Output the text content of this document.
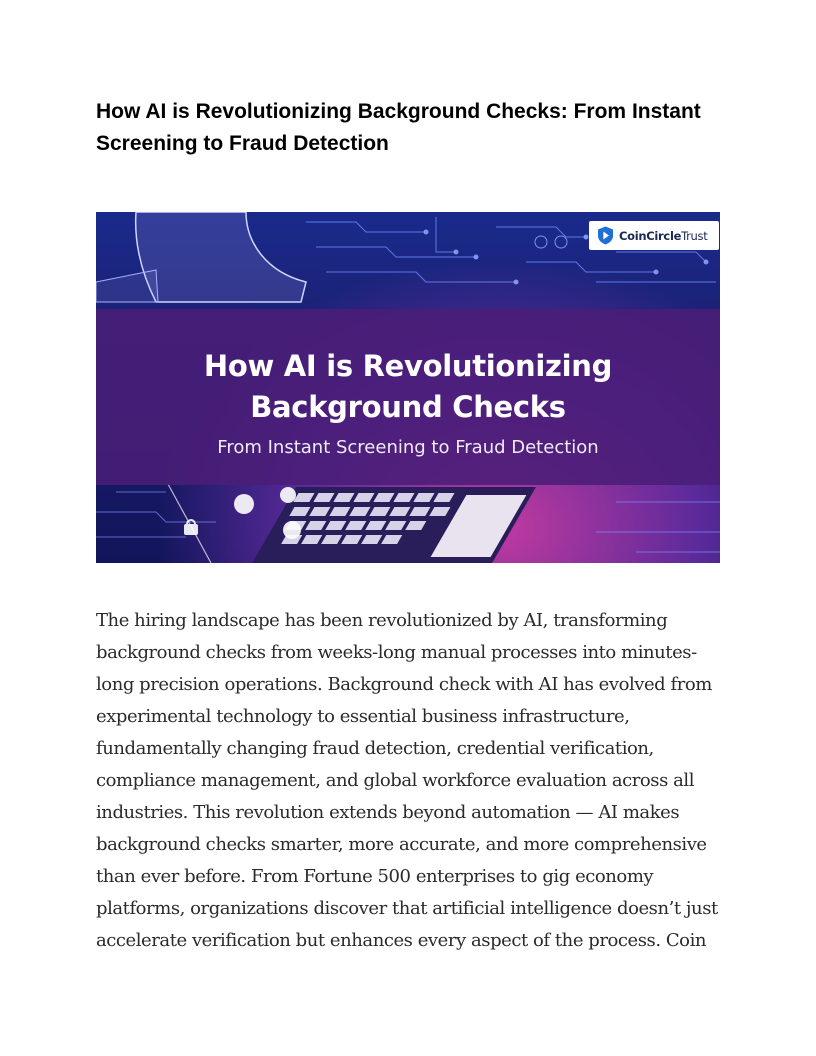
How AI is Revolutionizing Background Checks: From Instant Screening to Fraud Detection
How AI is Revolutionizing
Background Checks
From Instant Screening to Fraud Detection
CoinCircleTrust

The hiring landscape has been revolutionized by AI, transforming background checks from weeks-long manual processes into minutes-long precision operations. Background check with AI has evolved from experimental technology to essential business infrastructure, fundamentally changing fraud detection, credential verification, compliance management, and global workforce evaluation across all industries. This revolution extends beyond automation — AI makes background checks smarter, more accurate, and more comprehensive than ever before. From Fortune 500 enterprises to gig economy platforms, organizations discover that artificial intelligence doesn’t just accelerate verification but enhances every aspect of the process. Coin
